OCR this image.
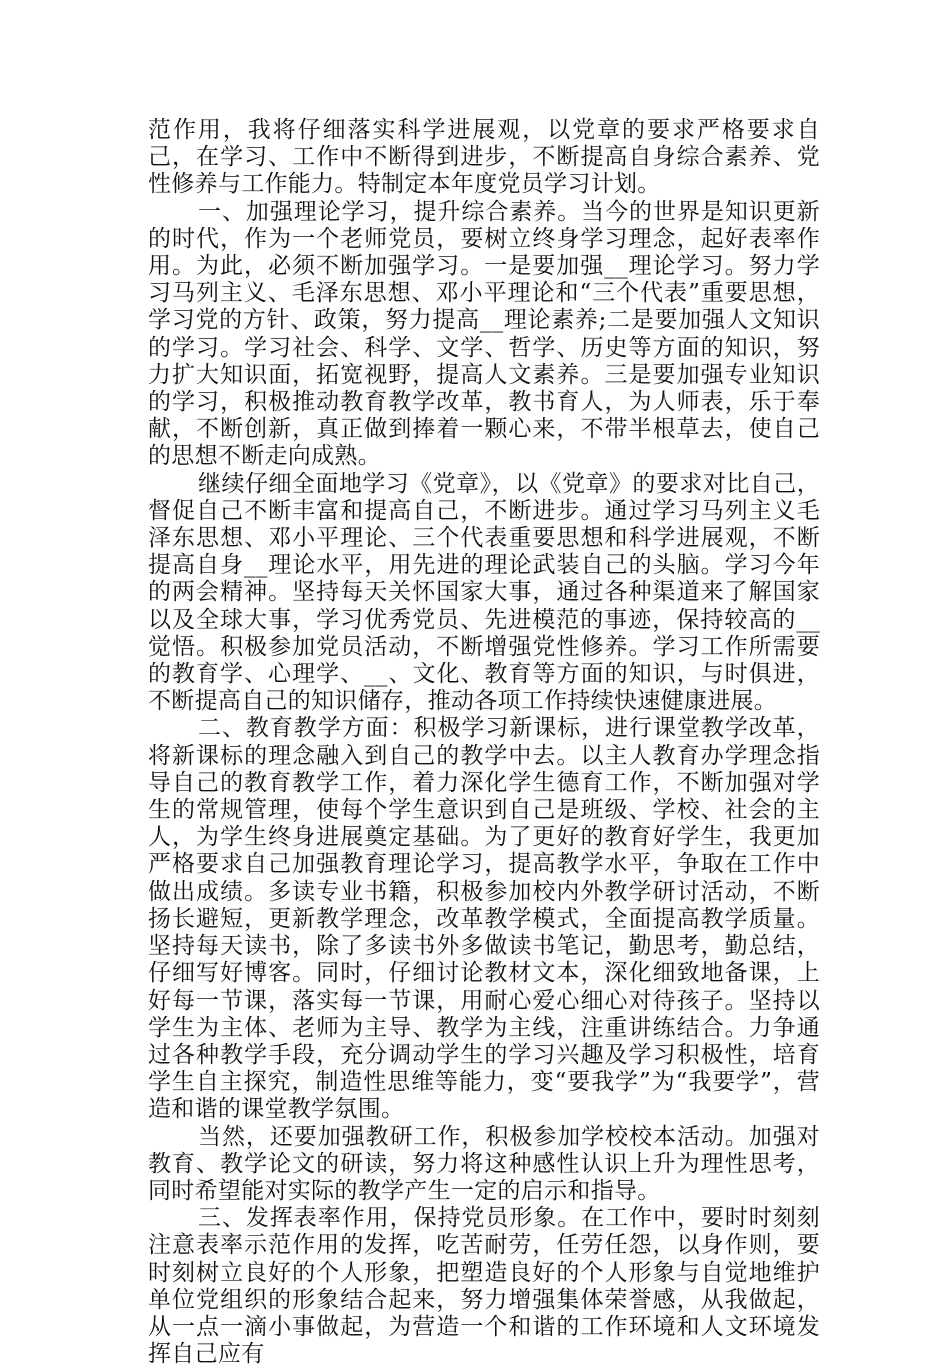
范作用，我将仔细落实科学进展观，以党章的要求严格要求自己，在学习、工作中不断得到进步，不断提高自身综合素养、党性修养与工作能力。特制定本年度党员学习计划。

一、加强理论学习，提升综合素养。当今的世界是知识更新的时代，作为一个老师党员，要树立终身学习理念，起好表率作用。为此，必须不断加强学习。一是要加强__理论学习。努力学习马列主义、毛泽东思想、邓小平理论和“三个代表”重要思想，学习党的方针、政策，努力提高__理论素养;二是要加强人文知识的学习。学习社会、科学、文学、哲学、历史等方面的知识，努力扩大知识面，拓宽视野，提高人文素养。三是要加强专业知识的学习，积极推动教育教学改革，教书育人，为人师表，乐于奉献，不断创新，真正做到捧着一颗心来，不带半根草去，使自己的思想不断走向成熟。

继续仔细全面地学习《党章》，以《党章》的要求对比自己，督促自己不断丰富和提高自己，不断进步。通过学习马列主义毛泽东思想、邓小平理论、三个代表重要思想和科学进展观，不断提高自身__理论水平，用先进的理论武装自己的头脑。学习今年的两会精神。坚持每天关怀国家大事，通过各种渠道来了解国家以及全球大事，学习优秀党员、先进模范的事迹，保持较高的__觉悟。积极参加党员活动，不断增强党性修养。学习工作所需要的教育学、心理学、__、文化、教育等方面的知识，与时俱进，不断提高自己的知识储存，推动各项工作持续快速健康进展。

二、教育教学方面：积极学习新课标，进行课堂教学改革，将新课标的理念融入到自己的教学中去。以主人教育办学理念指导自己的教育教学工作，着力深化学生德育工作，不断加强对学生的常规管理，使每个学生意识到自己是班级、学校、社会的主人，为学生终身进展奠定基础。为了更好的教育好学生，我更加严格要求自己加强教育理论学习，提高教学水平，争取在工作中做出成绩。多读专业书籍，积极参加校内外教学研讨活动，不断扬长避短，更新教学理念，改革教学模式，全面提高教学质量。坚持每天读书，除了多读书外多做读书笔记，勤思考，勤总结，仔细写好博客。同时，仔细讨论教材文本，深化细致地备课，上好每一节课，落实每一节课，用耐心爱心细心对待孩子。坚持以学生为主体、老师为主导、教学为主线，注重讲练结合。力争通过各种教学手段，充分调动学生的学习兴趣及学习积极性，培育学生自主探究，制造性思维等能力，变“要我学”为“我要学”，营造和谐的课堂教学氛围。

当然，还要加强教研工作，积极参加学校校本活动。加强对教育、教学论文的研读，努力将这种感性认识上升为理性思考，同时希望能对实际的教学产生一定的启示和指导。

三、发挥表率作用，保持党员形象。在工作中，要时时刻刻注意表率示范作用的发挥，吃苦耐劳，任劳任怨，以身作则，要时刻树立良好的个人形象，把塑造良好的个人形象与自觉地维护单位党组织的形象结合起来，努力增强集体荣誉感，从我做起，从一点一滴小事做起，为营造一个和谐的工作环境和人文环境发挥自己应有
